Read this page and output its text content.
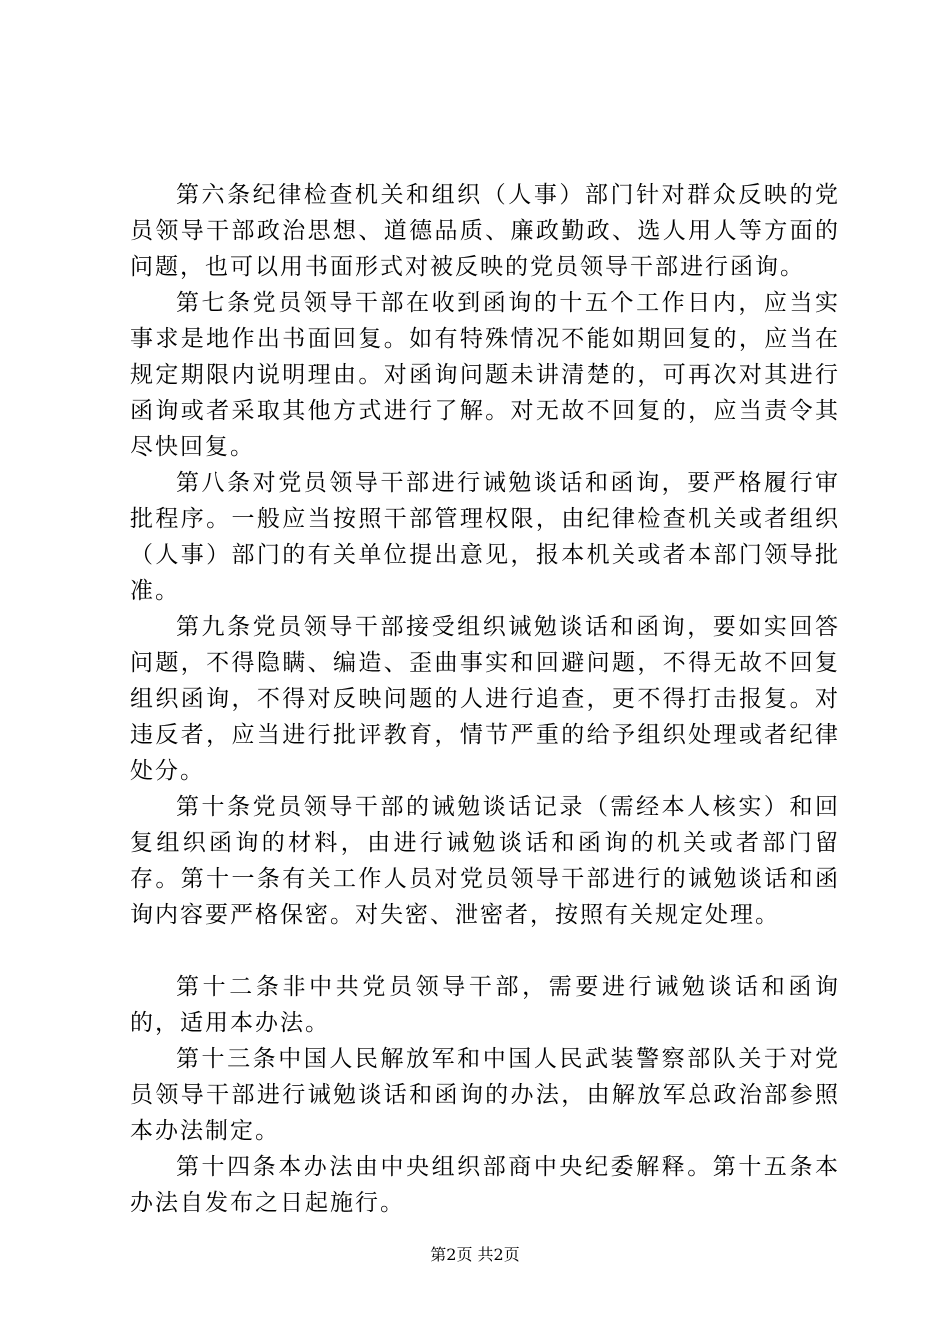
第六条纪律检查机关和组织（人事）部门针对群众反映的党员领导干部政治思想、道德品质、廉政勤政、选人用人等方面的问题，也可以用书面形式对被反映的党员领导干部进行函询。

第七条党员领导干部在收到函询的十五个工作日内，应当实事求是地作出书面回复。如有特殊情况不能如期回复的，应当在规定期限内说明理由。对函询问题未讲清楚的，可再次对其进行函询或者采取其他方式进行了解。对无故不回复的，应当责令其尽快回复。

第八条对党员领导干部进行诫勉谈话和函询，要严格履行审批程序。一般应当按照干部管理权限，由纪律检查机关或者组织（人事）部门的有关单位提出意见，报本机关或者本部门领导批准。

第九条党员领导干部接受组织诫勉谈话和函询，要如实回答问题，不得隐瞒、编造、歪曲事实和回避问题，不得无故不回复组织函询，不得对反映问题的人进行追查，更不得打击报复。对违反者，应当进行批评教育，情节严重的给予组织处理或者纪律处分。

第十条党员领导干部的诫勉谈话记录（需经本人核实）和回复组织函询的材料，由进行诫勉谈话和函询的机关或者部门留存。第十一条有关工作人员对党员领导干部进行的诫勉谈话和函询内容要严格保密。对失密、泄密者，按照有关规定处理。

第十二条非中共党员领导干部，需要进行诫勉谈话和函询的，适用本办法。

第十三条中国人民解放军和中国人民武装警察部队关于对党员领导干部进行诫勉谈话和函询的办法，由解放军总政治部参照本办法制定。

第十四条本办法由中央组织部商中央纪委解释。第十五条本办法自发布之日起施行。

第2页 共2页
